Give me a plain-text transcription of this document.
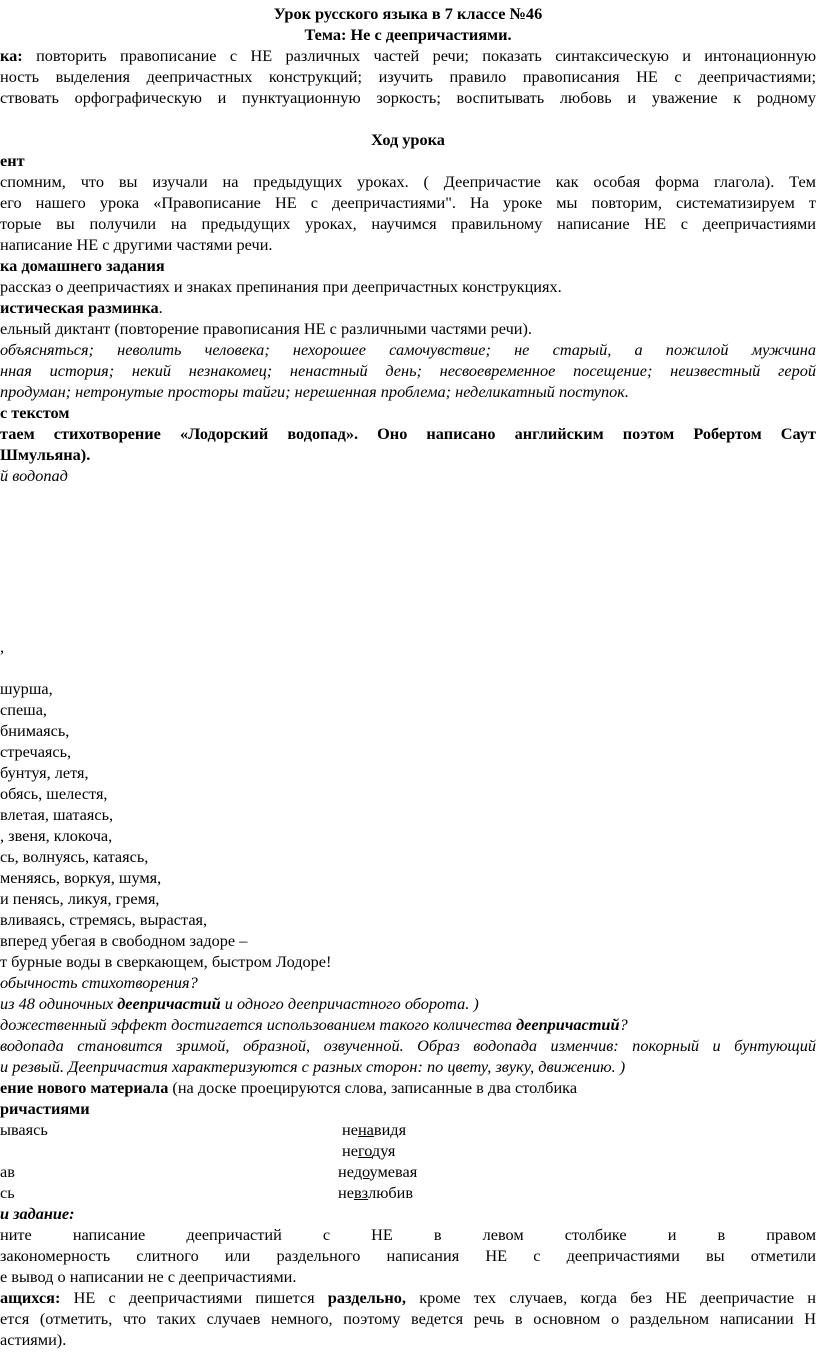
Урок русского языка в 7 классе №46
Тема: Не с деепричастиями.
ка: повторить правописание с НЕ различных частей речи; показать синтаксическую и интонационную
ность выделения деепричастных конструкций; изучить правило правописания НЕ с деепричастиями;
ствовать орфографическую и пунктуационную зоркость; воспитывать любовь и уважение к родному
Ход урока
ент
спомним, что вы изучали на предыдущих уроках. ( Деепричастие как особая форма глагола). Тем
его нашего урока «Правописание НЕ с деепричастиями". На уроке мы повторим, систематизируем т
торые вы получили на предыдущих уроках, научимся правильному написание НЕ с деепричастиями
написание НЕ с другими частями речи.
ка домашнего задания
рассказ о деепричастиях и знаках препинания при деепричастных конструкциях.
истическая разминка.
ельный диктант (повторение правописания НЕ с различными частями речи).
объясняться; неволить человека; нехорошее самочувствие; не старый, а пожилой мужчина
нная история; некий незнакомец; ненастный день; несвоевременное посещение; неизвестный герой
продуман; нетронутые просторы тайги; нерешенная проблема; неделикатный поступок.
с текстом
таем стихотворение «Лодорский водопад». Оно написано английским поэтом Робертом Саут
Шмульяна).
й водопад
,
шурша,
спеша,
бнимаясь,
стречаясь,
бунтуя, летя,
обясь, шелестя,
влетая, шатаясь,
, звеня, клокоча,
сь, волнуясь, катаясь,
меняясь, воркуя, шумя,
и пенясь, ликуя, гремя,
вливаясь, стремясь, вырастая,
вперед убегая в свободном задоре –
т бурные воды в сверкающем, быстром Лодоре!
обычность стихотворения?
из 48 одиночных деепричастий и одного деепричастного оборота. )
дожественный эффект достигается использованием такого количества деепричастий?
водопада становится зримой, образной, озвученной. Образ водопада изменчив: покорный и бунтующий
и резвый. Деепричастия характеризуются с разных сторон: по цвету, звуку, движению. )
ение нового материала (на доске проецируются слова, записанные в два столбика
ричастиями
ываясь
ав
сь
ненавидя
негодуя
недоумевая
невзлюбив
и задание:
ните написание деепричастий с НЕ в левом столбике и в правом
закономерность слитного или раздельного написания НЕ с деепричастиями вы отметили
е вывод о написании не с деепричастиями.
ащихся: НЕ с деепричастиями пишется раздельно, кроме тех случаев, когда без НЕ деепричастие н
ется (отметить, что таких случаев немного, поэтому ведется речь в основном о раздельном написании Н
астиями).
